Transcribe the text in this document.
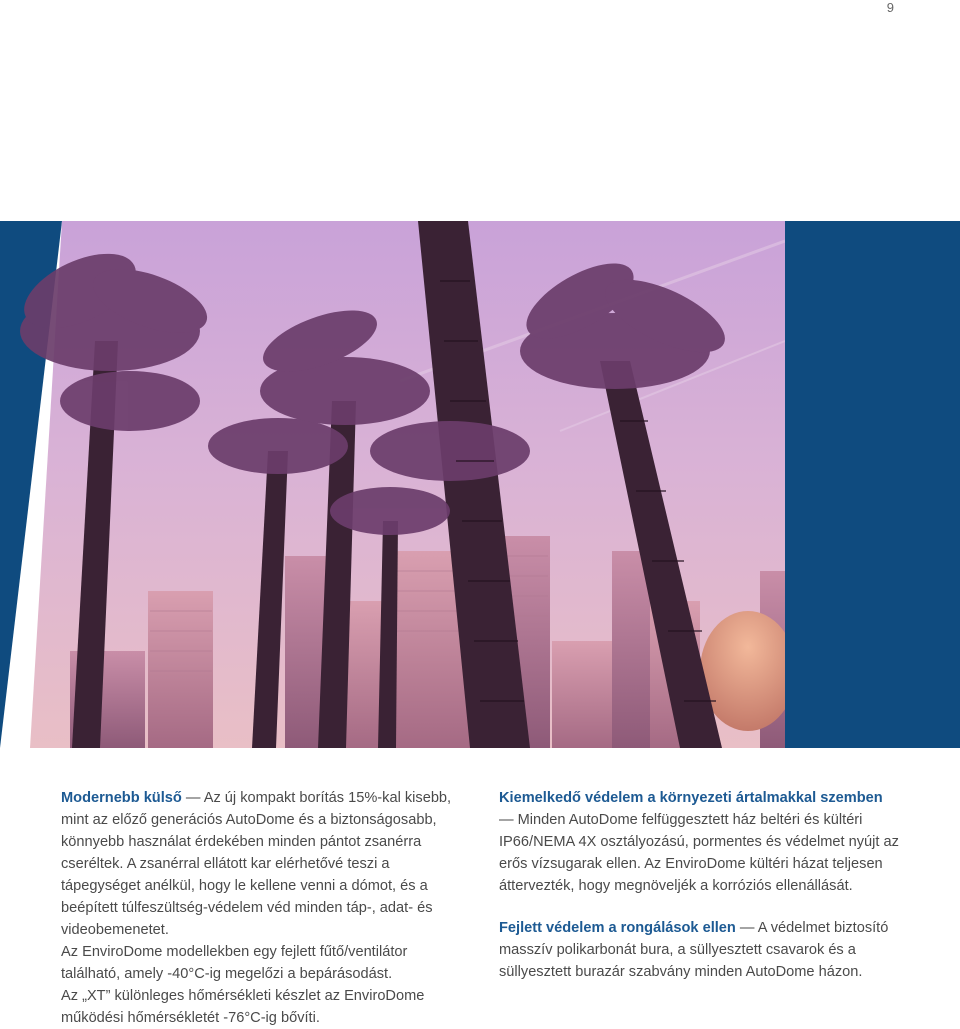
9

Modernebb külső — Az új kompakt borítás 15%-kal kisebb, mint az előző generációs AutoDome és a biztonságosabb, könnyebb használat érdekében minden pántot zsanérra cseréltek. A zsanérral ellátott kar elérhetővé teszi a tápegységet anélkül, hogy le kellene venni a dómot, és a beépített túlfeszültség-védelem véd minden táp-, adat- és videobemenetet.

Az EnviroDome modellekben egy fejlett fűtő/ventilátor található, amely -40°C-ig megelőzi a bepárásodást.

Az „XT” különleges hőmérsékleti készlet az EnviroDome működési hőmérsékletét -76°C-ig bővíti.

Kiemelkedő védelem a környezeti ártalmakkal szemben — Minden AutoDome felfüggesztett ház beltéri és kültéri IP66/NEMA 4X osztályozású, pormentes és védelmet nyújt az erős vízsugarak ellen. Az EnviroDome kültéri házat teljesen áttervezték, hogy megnöveljék a korróziós ellenállását.

Fejlett védelem a rongálások ellen — A védelmet biztosító masszív polikarbonát bura, a süllyesztett csavarok és a süllyesztett burazár szabvány minden AutoDome házon.
